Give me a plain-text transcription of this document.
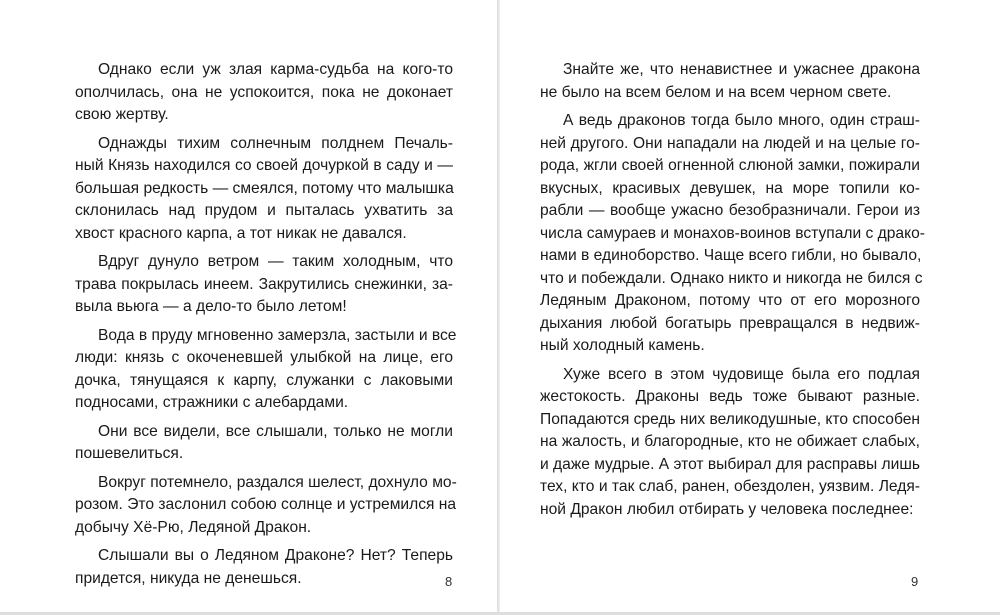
Однако если уж злая карма-судьба на кого-то
ополчилась, она не успокоится, пока не доконает
свою жертву.

Однажды тихим солнечным полднем Печаль-
ный Князь находился со своей дочуркой в саду и —
большая редкость — смеялся, потому что малышка
склонилась над прудом и пыталась ухватить за
хвост красного карпа, а тот никак не давался.

Вдруг дунуло ветром — таким холодным, что
трава покрылась инеем. Закрутились снежинки, за-
выла вьюга — а дело-то было летом!

Вода в пруду мгновенно замерзла, застыли и все
люди: князь с окоченевшей улыбкой на лице, его
дочка, тянущаяся к карпу, служанки с лаковыми
подносами, стражники с алебардами.

Они все видели, все слышали, только не могли
пошевелиться.

Вокруг потемнело, раздался шелест, дохнуло мо-
розом. Это заслонил собою солнце и устремился на
добычу Хё-Рю, Ледяной Дракон.

Слышали вы о Ледяном Драконе? Нет? Теперь
придется, никуда не денешься.	8

Знайте же, что ненавистнее и ужаснее дракона
не было на всем белом и на всем черном свете.

А ведь драконов тогда было много, один страш-
ней другого. Они нападали на людей и на целые го-
рода, жгли своей огненной слюной замки, пожирали
вкусных, красивых девушек, на море топили ко-
рабли — вообще ужасно безобразничали. Герои из
числа самураев и монахов-воинов вступали с драко-
нами в единоборство. Чаще всего гибли, но бывало,
что и побеждали. Однако никто и никогда не бился с
Ледяным Драконом, потому что от его морозного
дыхания любой богатырь превращался в недвиж-
ный холодный камень.

Хуже всего в этом чудовище была его подлая
жестокость. Драконы ведь тоже бывают разные.
Попадаются средь них великодушные, кто способен
на жалость, и благородные, кто не обижает слабых,
и даже мудрые. А этот выбирал для расправы лишь
тех, кто и так слаб, ранен, обездолен, уязвим. Ледя-
ной Дракон любил отбирать у человека последнее:

9
